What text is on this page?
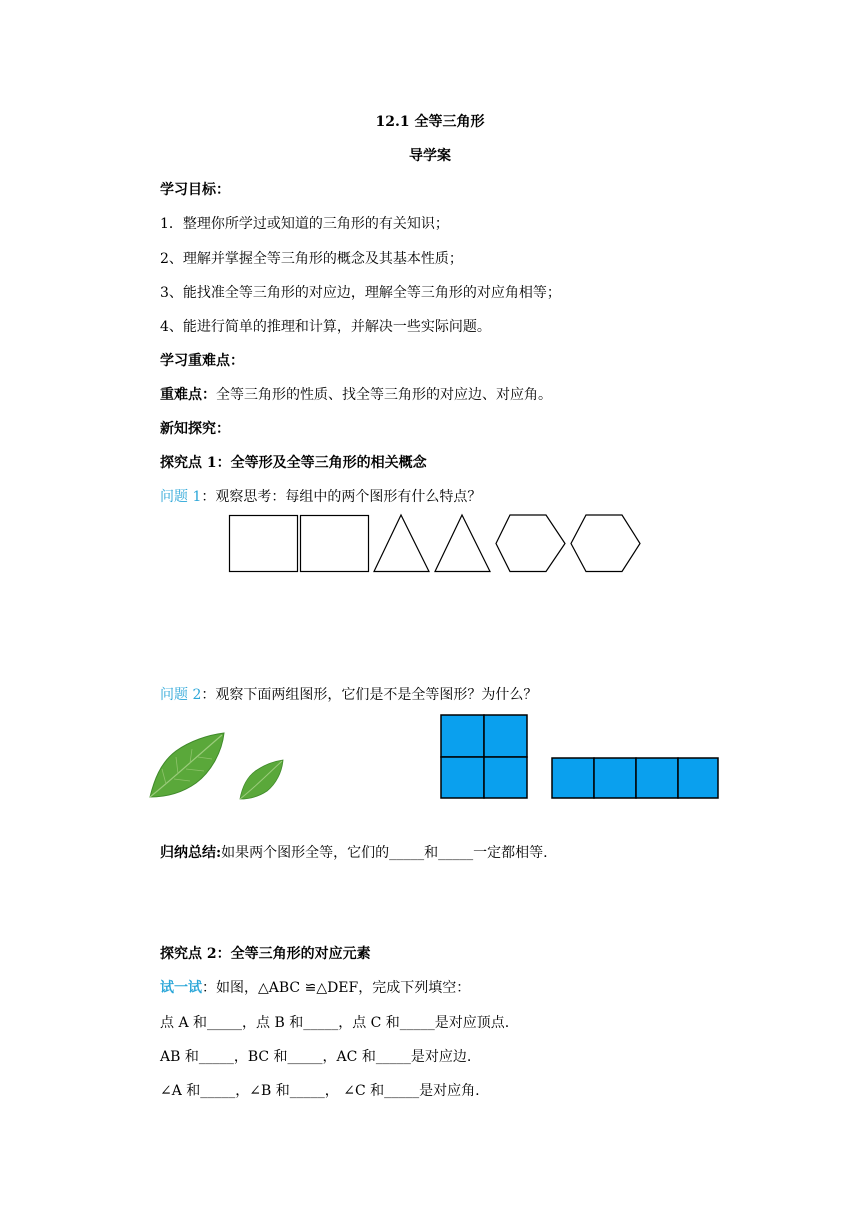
12.1 全等三角形
导学案
学习目标：
1．整理你所学过或知道的三角形的有关知识；
2、理解并掌握全等三角形的概念及其基本性质；
3、能找准全等三角形的对应边，理解全等三角形的对应角相等；
4、能进行简单的推理和计算，并解决一些实际问题。
学习重难点：
重难点：全等三角形的性质、找全等三角形的对应边、对应角。
新知探究：
探究点 1：全等形及全等三角形的相关概念
问题 1：观察思考：每组中的两个图形有什么特点？
问题 2：观察下面两组图形，它们是不是全等图形？为什么？
归纳总结:如果两个图形全等，它们的_____和_____一定都相等.
探究点 2：全等三角形的对应元素
试一试：如图，△ABC ≌△DEF，完成下列填空：
点 A 和_____，点 B 和_____，点 C 和_____是对应顶点.
AB 和_____，BC 和_____，AC 和_____是对应边.
∠A 和_____，∠B 和_____， ∠C 和_____是对应角.
